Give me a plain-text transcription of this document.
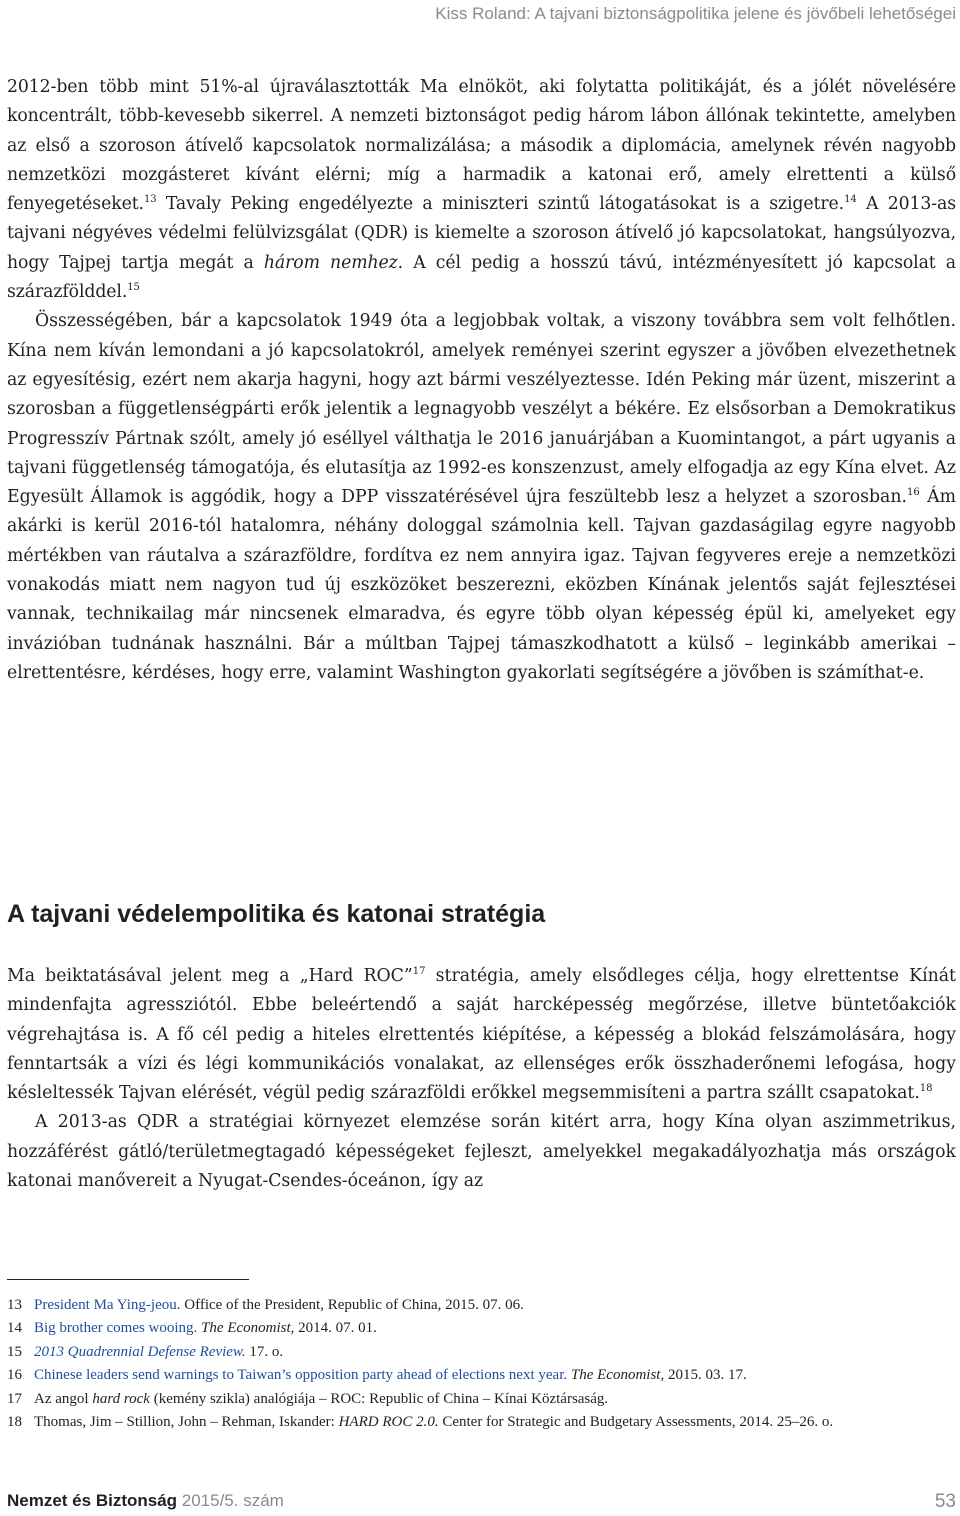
Kiss Roland: A tajvani biztonságpolitika jelene és jövőbeli lehetőségei

2012-ben több mint 51%-al újraválasztották Ma elnököt, aki folytatta politikáját, és a jólét növelésére koncentrált, több-kevesebb sikerrel. A nemzeti biztonságot pedig három lábon állónak tekintette, amelyben az első a szoroson átívelő kapcsolatok normalizálása; a második a diplomácia, amelynek révén nagyobb nemzetközi mozgásteret kívánt elérni; míg a harmadik a katonai erő, amely elrettenti a külső fenyegetéseket.$^{13}$ Tavaly Peking engedélyezte a miniszteri szintű látogatásokat is a szigetre.$^{14}$ A 2013-as tajvani négyéves védelmi felülvizsgálat (QDR) is kiemelte a szoroson átívelő jó kapcsolatokat, hangsúlyozva, hogy Tajpej tartja megát a három nemhez. A cél pedig a hosszú távú, intézményesített jó kapcsolat a szárazfölddel.$^{15}$

Összességében, bár a kapcsolatok 1949 óta a legjobbak voltak, a viszony továbbra sem volt felhőtlen. Kína nem kíván lemondani a jó kapcsolatokról, amelyek reményei szerint egyszer a jövőben elvezethetnek az egyesítésig, ezért nem akarja hagyni, hogy azt bármi veszélyeztesse. Idén Peking már üzent, miszerint a szorosban a függetlenségpárti erők jelentik a legnagyobb veszélyt a békére. Ez elsősorban a Demokratikus Progresszív Pártnak szólt, amely jó eséllyel válthatja le 2016 januárjában a Kuomintangot, a párt ugyanis a tajvani függetlenség támogatója, és elutasítja az 1992-es konszenzust, amely elfogadja az egy Kína elvet. Az Egyesült Államok is aggódik, hogy a DPP visszatérésével újra feszültebb lesz a helyzet a szorosban.$^{16}$ Ám akárki is kerül 2016-tól hatalomra, néhány dologgal számolnia kell. Tajvan gazdaságilag egyre nagyobb mértékben van ráutalva a szárazföldre, fordítva ez nem annyira igaz. Tajvan fegyveres ereje a nemzetközi vonakodás miatt nem nagyon tud új eszközöket beszerezni, eközben Kínának jelentős saját fejlesztései vannak, technikailag már nincsenek elmaradva, és egyre több olyan képesség épül ki, amelyeket egy invázióban tudnának használni. Bár a múltban Tajpej támaszkodhatott a külső – leginkább amerikai – elrettentésre, kérdéses, hogy erre, valamint Washington gyakorlati segítségére a jövőben is számíthat-e.

A tajvani védelempolitika és katonai stratégia

Ma beiktatásával jelent meg a „Hard ROC”$^{17}$ stratégia, amely elsődleges célja, hogy elrettentse Kínát mindenfajta agressziótól. Ebbe beleértendő a saját harcképesség megőrzése, illetve büntetőakciók végrehajtása is. A fő cél pedig a hiteles elrettentés kiépítése, a képesség a blokád felszámolására, hogy fenntartsák a vízi és légi kommunikációs vonalakat, az ellenséges erők összhaderőnemi lefogása, hogy késleltessék Tajvan elérését, végül pedig szárazföldi erőkkel megsemmisíteni a partra szállt csapatokat.$^{18}$

A 2013-as QDR a stratégiai környezet elemzése során kitért arra, hogy Kína olyan aszimmetrikus, hozzáférést gátló/területmegtagadó képességeket fejleszt, amelyekkel megakadályozhatja más országok katonai manővereit a Nyugat-Csendes-óceánon, így az

13 President Ma Ying-jeou. Office of the President, Republic of China, 2015. 07. 06.
14 Big brother comes wooing. The Economist, 2014. 07. 01.
15 2013 Quadrennial Defense Review. 17. o.
16 Chinese leaders send warnings to Taiwan’s opposition party ahead of elections next year. The Economist, 2015. 03. 17.
17 Az angol hard rock (kemény szikla) analógiája – ROC: Republic of China – Kínai Köztársaság.
18 Thomas, Jim – Stillion, John – Rehman, Iskander: HARD ROC 2.0. Center for Strategic and Budgetary Assessments, 2014. 25–26. o.
Nemzet és Biztonság 2015/5. szám	53
